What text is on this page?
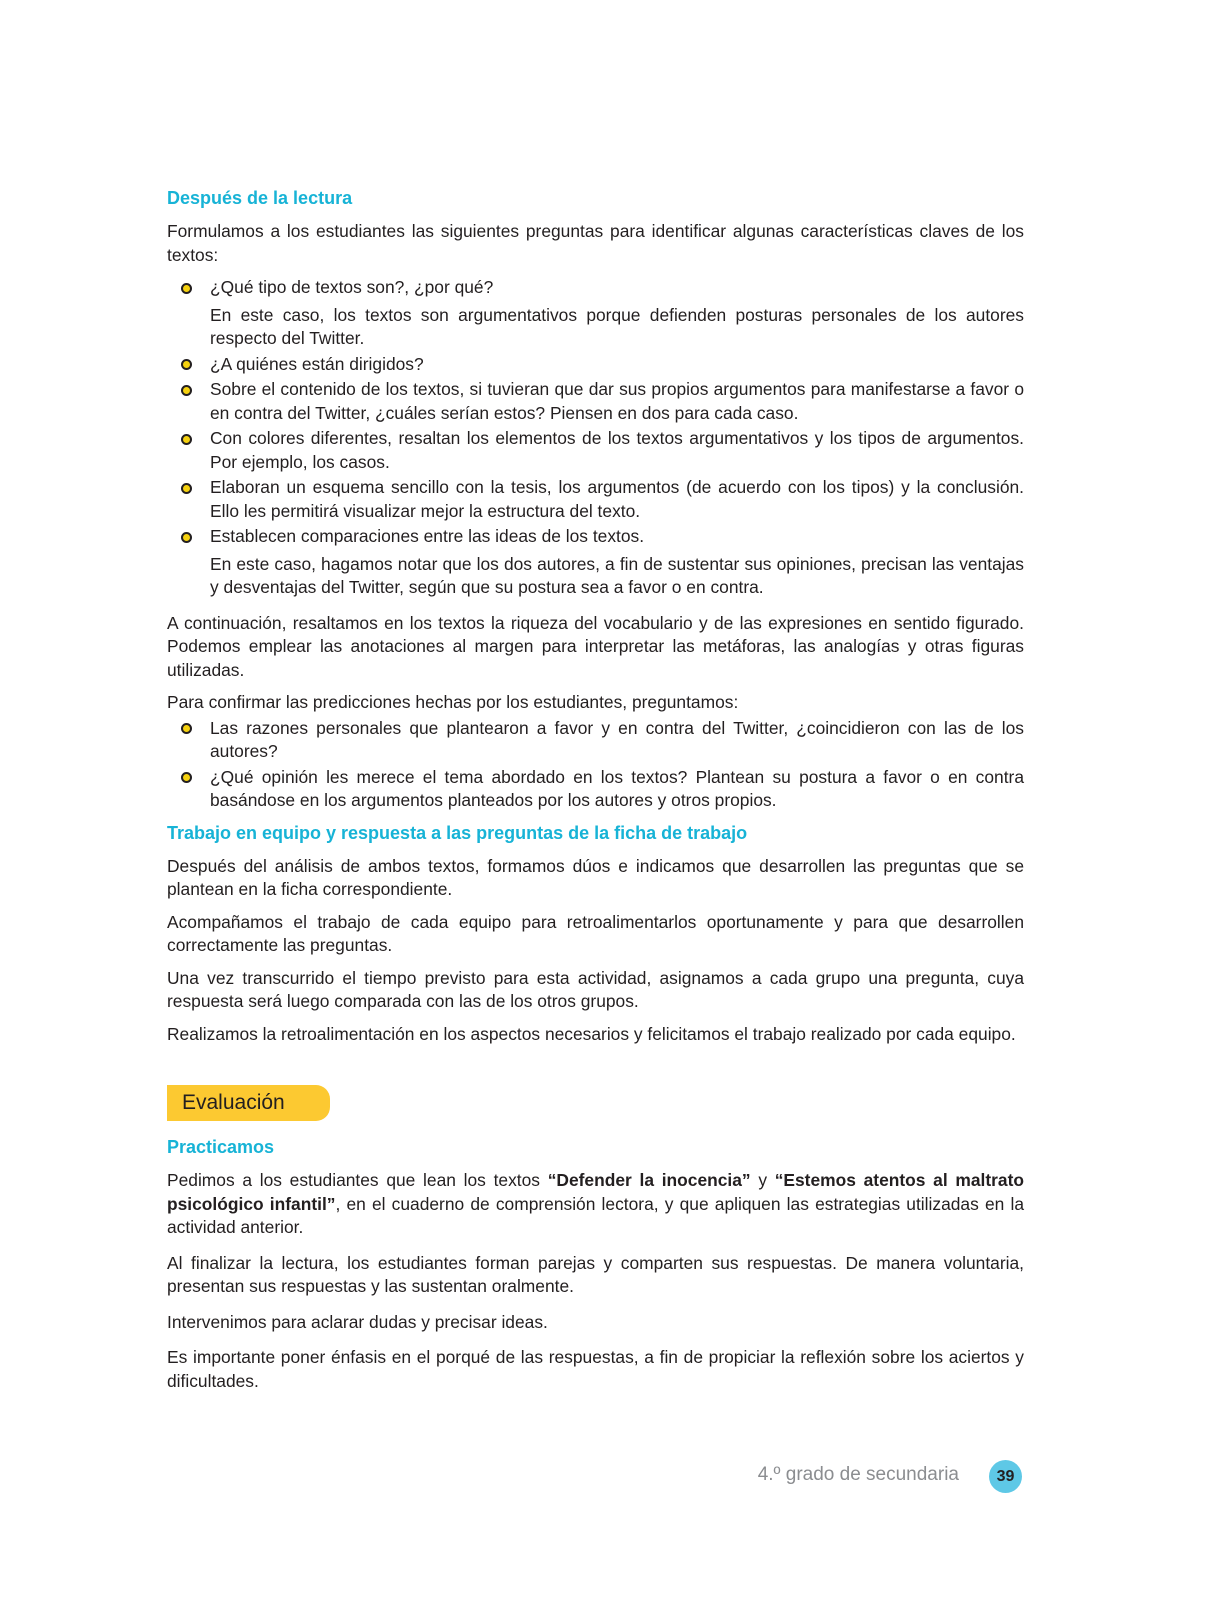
Después de la lectura

Formulamos a los estudiantes las siguientes preguntas para identificar algunas características claves de los textos:

¿Qué tipo de textos son?, ¿por qué?
En este caso, los textos son argumentativos porque defienden posturas personales de los autores respecto del Twitter.
¿A quiénes están dirigidos?
Sobre el contenido de los textos, si tuvieran que dar sus propios argumentos para manifestarse a favor o en contra del Twitter, ¿cuáles serían estos? Piensen en dos para cada caso.
Con colores diferentes, resaltan los elementos de los textos argumentativos y los tipos de argumentos. Por ejemplo, los casos.
Elaboran un esquema sencillo con la tesis, los argumentos (de acuerdo con los tipos) y la conclusión. Ello les permitirá visualizar mejor la estructura del texto.
Establecen comparaciones entre las ideas de los textos.
En este caso, hagamos notar que los dos autores, a fin de sustentar sus opiniones, precisan las ventajas y desventajas del Twitter, según que su postura sea a favor o en contra.

A continuación, resaltamos en los textos la riqueza del vocabulario y de las expresiones en sentido figurado. Podemos emplear las anotaciones al margen para interpretar las metáforas, las analogías y otras figuras utilizadas.

Para confirmar las predicciones hechas por los estudiantes, preguntamos:

Las razones personales que plantearon a favor y en contra del Twitter, ¿coincidieron con las de los autores?
¿Qué opinión les merece el tema abordado en los textos? Plantean su postura a favor o en contra basándose en los argumentos planteados por los autores y otros propios.
Trabajo en equipo y respuesta a las preguntas de la ficha de trabajo

Después del análisis de ambos textos, formamos dúos e indicamos que desarrollen las preguntas que se plantean en la ficha correspondiente.

Acompañamos el trabajo de cada equipo para retroalimentarlos oportunamente y para que desarrollen correctamente las preguntas.

Una vez transcurrido el tiempo previsto para esta actividad, asignamos a cada grupo una pregunta, cuya respuesta será luego comparada con las de los otros grupos.

Realizamos la retroalimentación en los aspectos necesarios y felicitamos el trabajo realizado por cada equipo.

Evaluación
Practicamos

Pedimos a los estudiantes que lean los textos “Defender la inocencia” y “Estemos atentos al maltrato psicológico infantil”, en el cuaderno de comprensión lectora, y que apliquen las estrategias utilizadas en la actividad anterior.

Al finalizar la lectura, los estudiantes forman parejas y comparten sus respuestas. De manera voluntaria, presentan sus respuestas y las sustentan oralmente.

Intervenimos para aclarar dudas y precisar ideas.

Es importante poner énfasis en el porqué de las respuestas, a fin de propiciar la reflexión sobre los aciertos y dificultades.

4.º grado de secundaria	39
